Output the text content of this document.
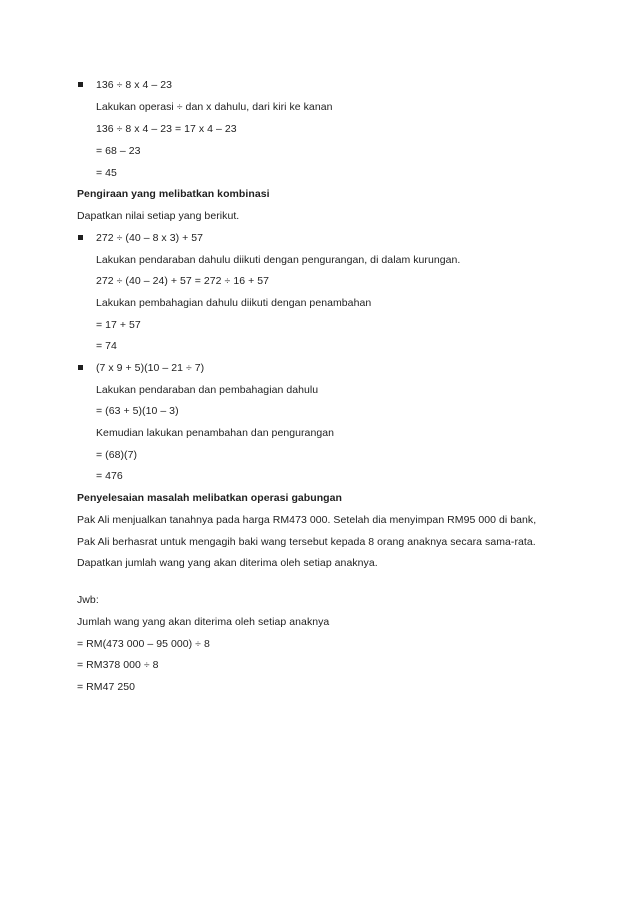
136 ÷ 8 x 4 – 23
Lakukan operasi ÷ dan x dahulu, dari kiri ke kanan
136 ÷ 8 x 4 – 23 = 17 x 4 – 23
= 68 – 23
= 45
Pengiraan yang melibatkan kombinasi
Dapatkan nilai setiap yang berikut.
272 ÷ (40 – 8 x 3) + 57
Lakukan pendaraban dahulu diikuti dengan pengurangan, di dalam kurungan.
272 ÷ (40 – 24) + 57 = 272 ÷ 16 + 57
Lakukan pembahagian dahulu diikuti dengan penambahan
= 17 + 57
= 74
(7 x 9 + 5)(10 – 21 ÷ 7)
Lakukan pendaraban dan pembahagian dahulu
= (63 + 5)(10 – 3)
Kemudian lakukan penambahan dan pengurangan
= (68)(7)
= 476
Penyelesaian masalah melibatkan operasi gabungan
Pak Ali menjualkan tanahnya pada harga RM473 000. Setelah dia menyimpan RM95 000 di bank,
Pak Ali berhasrat untuk mengagih baki wang tersebut kepada 8 orang anaknya secara sama-rata.
Dapatkan jumlah wang yang akan diterima oleh setiap anaknya.
Jwb:
Jumlah wang yang akan diterima oleh setiap anaknya
= RM(473 000 – 95 000) ÷ 8
= RM378 000 ÷ 8
= RM47 250
